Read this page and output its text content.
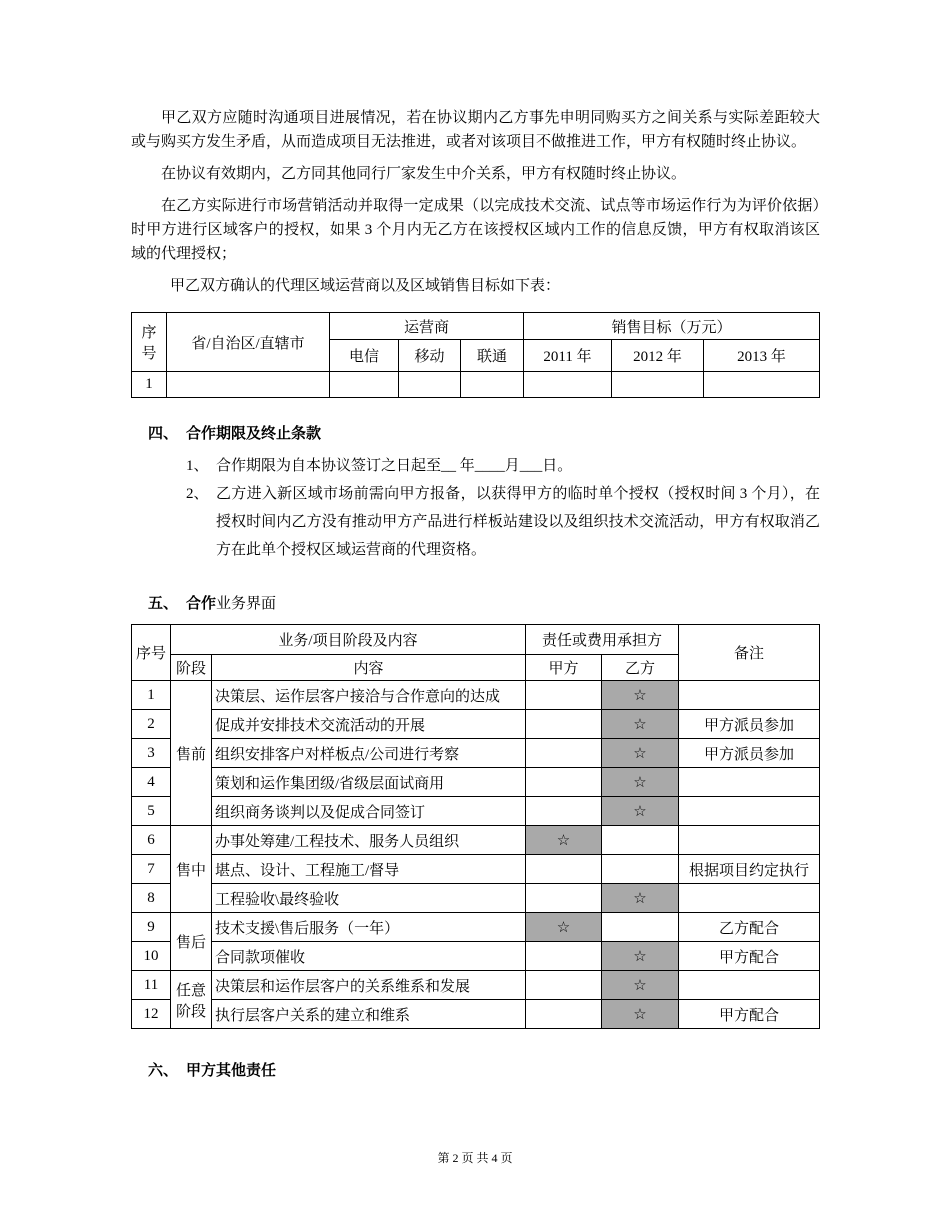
甲乙双方应随时沟通项目进展情况，若在协议期内乙方事先申明同购买方之间关系与实际差距较大或与购买方发生矛盾，从而造成项目无法推进，或者对该项目不做推进工作，甲方有权随时终止协议。

在协议有效期内，乙方同其他同行厂家发生中介关系，甲方有权随时终止协议。

在乙方实际进行市场营销活动并取得一定成果（以完成技术交流、试点等市场运作行为为评价依据）时甲方进行区域客户的授权，如果 3 个月内无乙方在该授权区域内工作的信息反馈，甲方有权取消该区域的代理授权；

甲乙双方确认的代理区域运营商以及区域销售目标如下表：

序号	省/自治区/直辖市	运营商			销售目标（万元）		
		电信	移动	联通	2011 年	2012 年	2013 年
1							
四、 合作期限及终止条款
1、 合作期限为自本协议签订之日起至__ 年____月___日。
2、 乙方进入新区域市场前需向甲方报备，以获得甲方的临时单个授权（授权时间 3 个月），在授权时间内乙方没有推动甲方产品进行样板站建设以及组织技术交流活动，甲方有权取消乙方在此单个授权区域运营商的代理资格。
五、 合作业务界面
序号	业务/项目阶段及内容		责任或费用承担方		备注
	阶段	内容	甲方	乙方	
1	售前	决策层、运作层客户接洽与合作意向的达成		☆	
2		促成并安排技术交流活动的开展		☆	甲方派员参加
3		组织安排客户对样板点/公司进行考察		☆	甲方派员参加
4		策划和运作集团级/省级层面试商用		☆	
5		组织商务谈判以及促成合同签订		☆	
6	售中	办事处筹建/工程技术、服务人员组织	☆		
7		堪点、设计、工程施工/督导			根据项目约定执行
8		工程验收\最终验收		☆	
9	售后	技术支援\售后服务（一年）	☆		乙方配合
10		合同款项催收		☆	甲方配合
11	任意阶段	决策层和运作层客户的关系维系和发展		☆	
12		执行层客户关系的建立和维系		☆	甲方配合
六、 甲方其他责任
第 2 页 共 4 页
